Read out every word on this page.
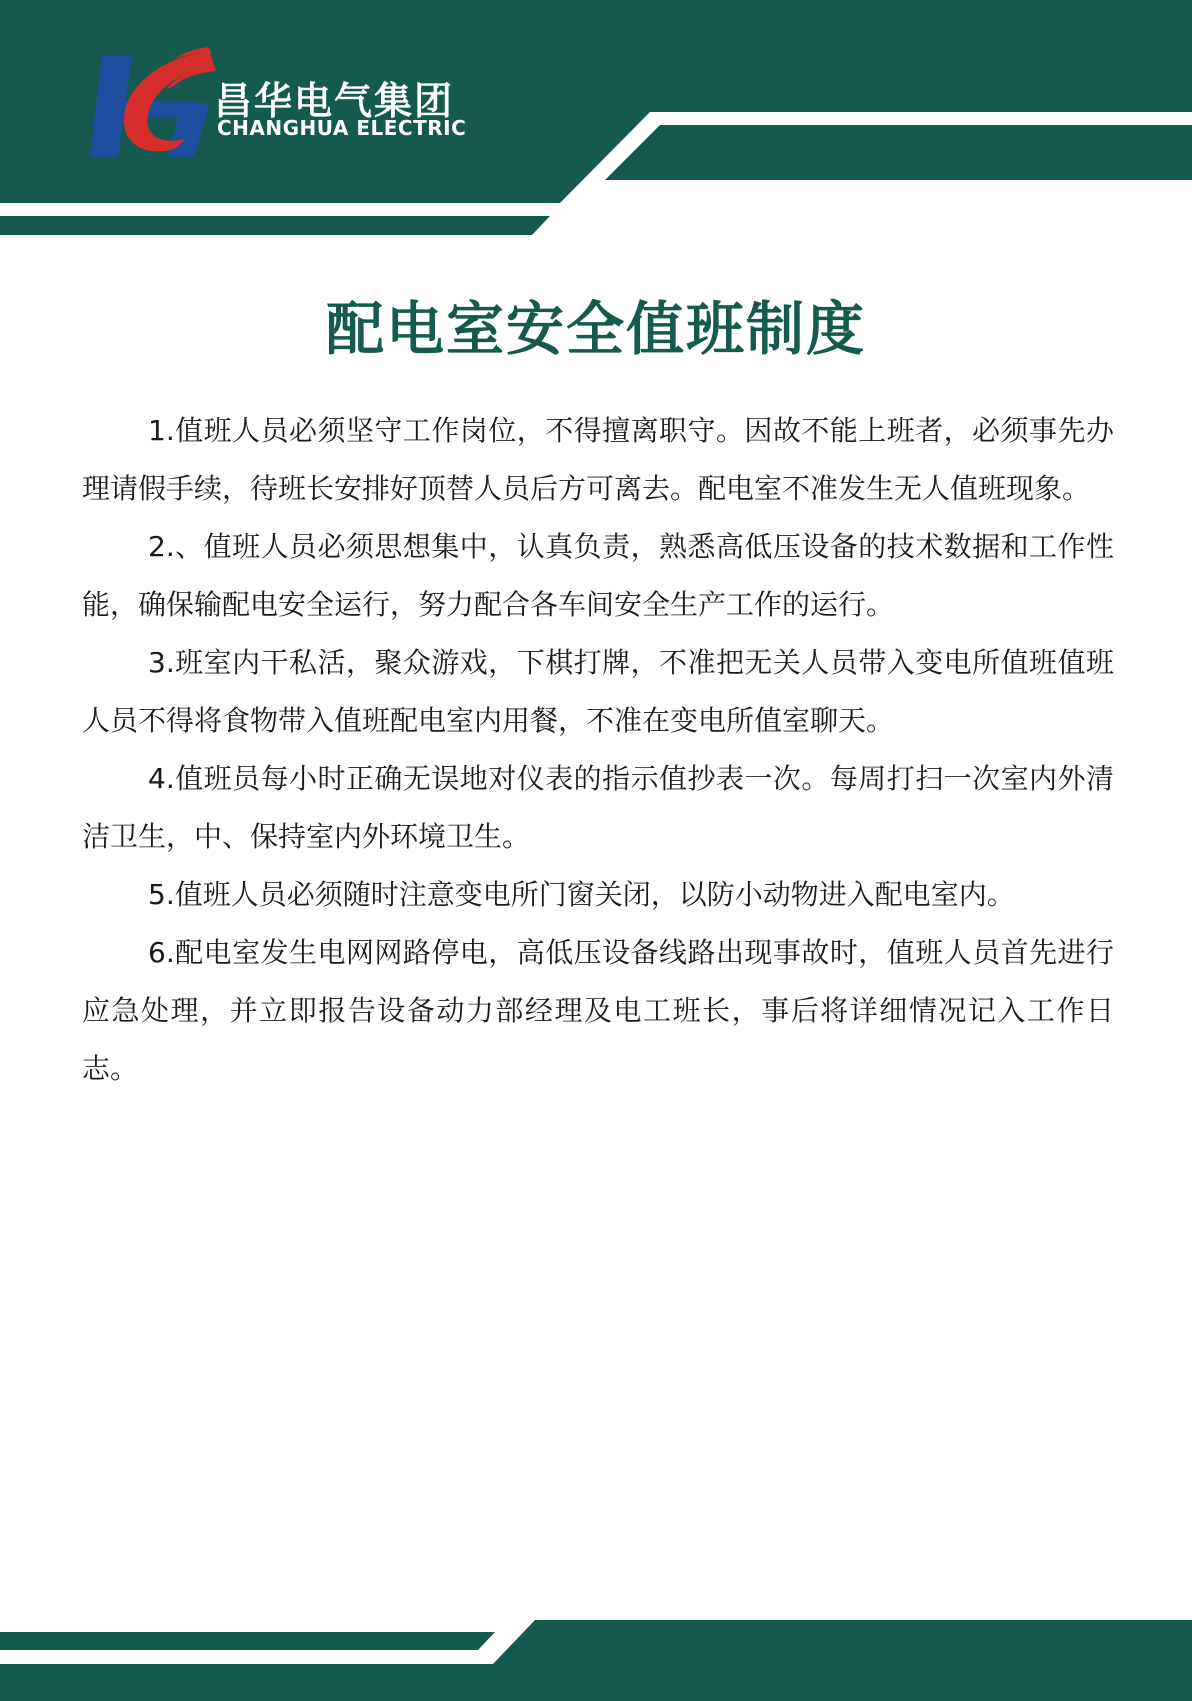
昌华电气集团
CHANGHUA ELECTRIC
配电室安全值班制度

1.值班人员必须坚守工作岗位，不得擅离职守。因故不能上班者，必须事先办理请假手续，待班长安排好顶替人员后方可离去。配电室不准发生无人值班现象。

2.、值班人员必须思想集中，认真负责，熟悉高低压设备的技术数据和工作性能，确保输配电安全运行，努力配合各车间安全生产工作的运行。

3.班室内干私活，聚众游戏，下棋打牌，不准把无关人员带入变电所值班值班人员不得将食物带入值班配电室内用餐，不准在变电所值室聊天。

4.值班员每小时正确无误地对仪表的指示值抄表一次。每周打扫一次室内外清洁卫生，中、保持室内外环境卫生。

5.值班人员必须随时注意变电所门窗关闭，以防小动物进入配电室内。

6.配电室发生电网网路停电，高低压设备线路出现事故时，值班人员首先进行应急处理，并立即报告设备动力部经理及电工班长，事后将详细情况记入工作日志。
